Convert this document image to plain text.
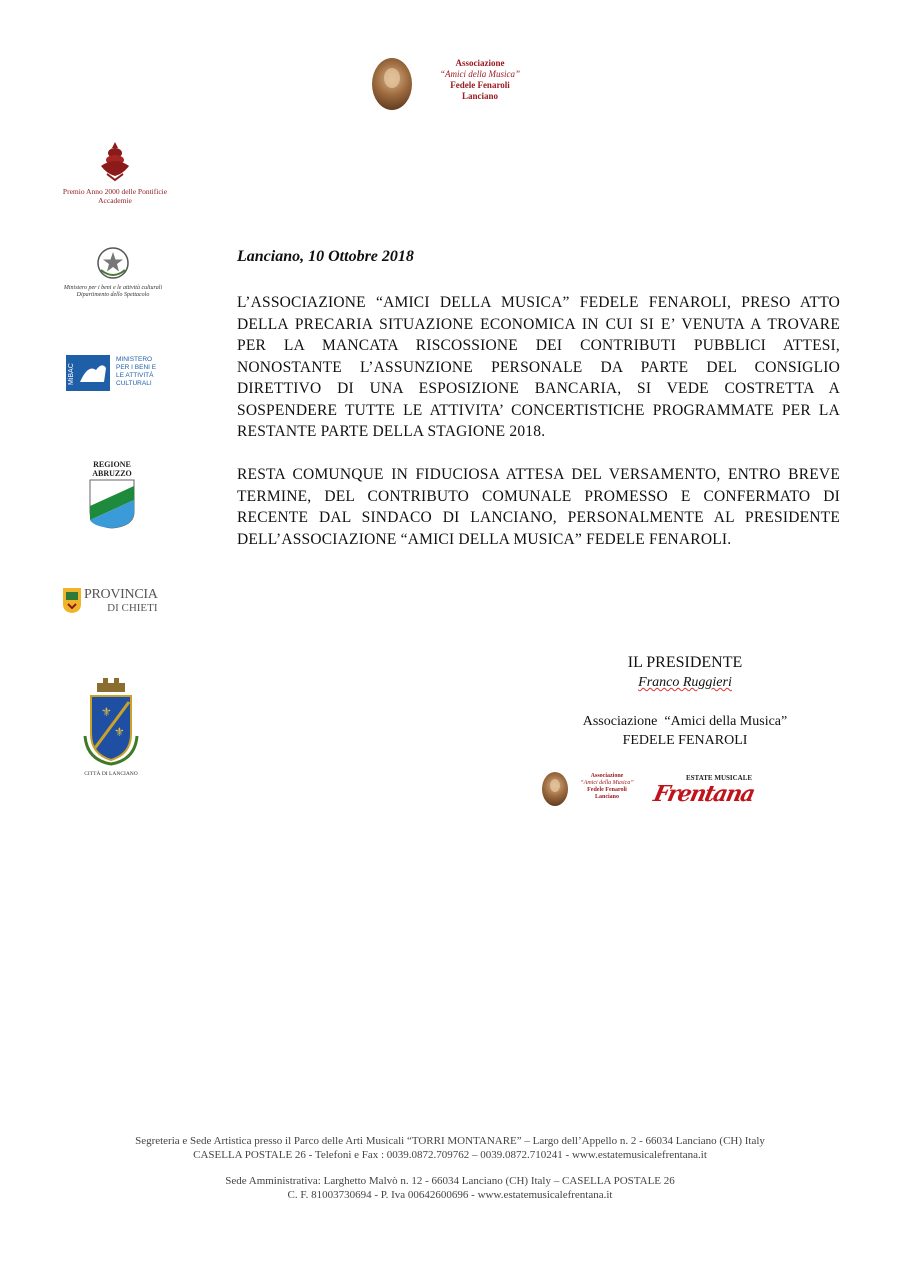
Associazione
“Amici della Musica”
Fedele Fenaroli
Lanciano
Premio Anno 2000 delle Pontificie Accademie
Ministero per i beni e le attività culturali Dipartimento dello Spettacolo
MiBAC
MINISTERO
PER I BENI E
LE ATTIVITÀ
CULTURALI
REGIONE
ABRUZZO
PROVINCIA
DI CHIETI
⚜
⚜
CITTÀ DI LANCIANO
Lanciano, 10 Ottobre 2018
L’ASSOCIAZIONE “AMICI DELLA MUSICA” FEDELE FENAROLI, PRESO ATTO DELLA PRECARIA SITUAZIONE ECONOMICA IN CUI SI E’ VENUTA A TROVARE PER LA MANCATA RISCOSSIONE DEI CONTRIBUTI PUBBLICI ATTESI, NONOSTANTE L’ASSUNZIONE PERSONALE DA PARTE DEL CONSIGLIO DIRETTIVO DI UNA ESPOSIZIONE BANCARIA, SI VEDE COSTRETTA A SOSPENDERE TUTTE LE ATTIVITA’ CONCERTISTICHE PROGRAMMATE PER LA RESTANTE PARTE DELLA STAGIONE 2018.
RESTA COMUNQUE IN FIDUCIOSA ATTESA DEL VERSAMENTO, ENTRO BREVE TERMINE, DEL CONTRIBUTO COMUNALE PROMESSO E CONFERMATO DI RECENTE DAL SINDACO DI LANCIANO, PERSONALMENTE AL PRESIDENTE DELL’ASSOCIAZIONE “AMICI DELLA MUSICA” FEDELE FENAROLI.
IL PRESIDENTE
Franco Ruggieri
Associazione  “Amici della Musica”
FEDELE FENAROLI
Associazione
“Amici della Musica”
Fedele Fenaroli
Lanciano
ESTATE MUSICALE
Frentana
Segreteria e Sede Artistica presso il Parco delle Arti Musicali “TORRI MONTANARE” – Largo dell’Appello n. 2 - 66034 Lanciano (CH) Italy
CASELLA POSTALE 26 - Telefoni e Fax : 0039.0872.709762 – 0039.0872.710241 - www.estatemusicalefrentana.it
Sede Amministrativa: Larghetto Malvò n. 12 - 66034 Lanciano (CH) Italy – CASELLA POSTALE 26
C. F. 81003730694 - P. Iva 00642600696 - www.estatemusicalefrentana.it
